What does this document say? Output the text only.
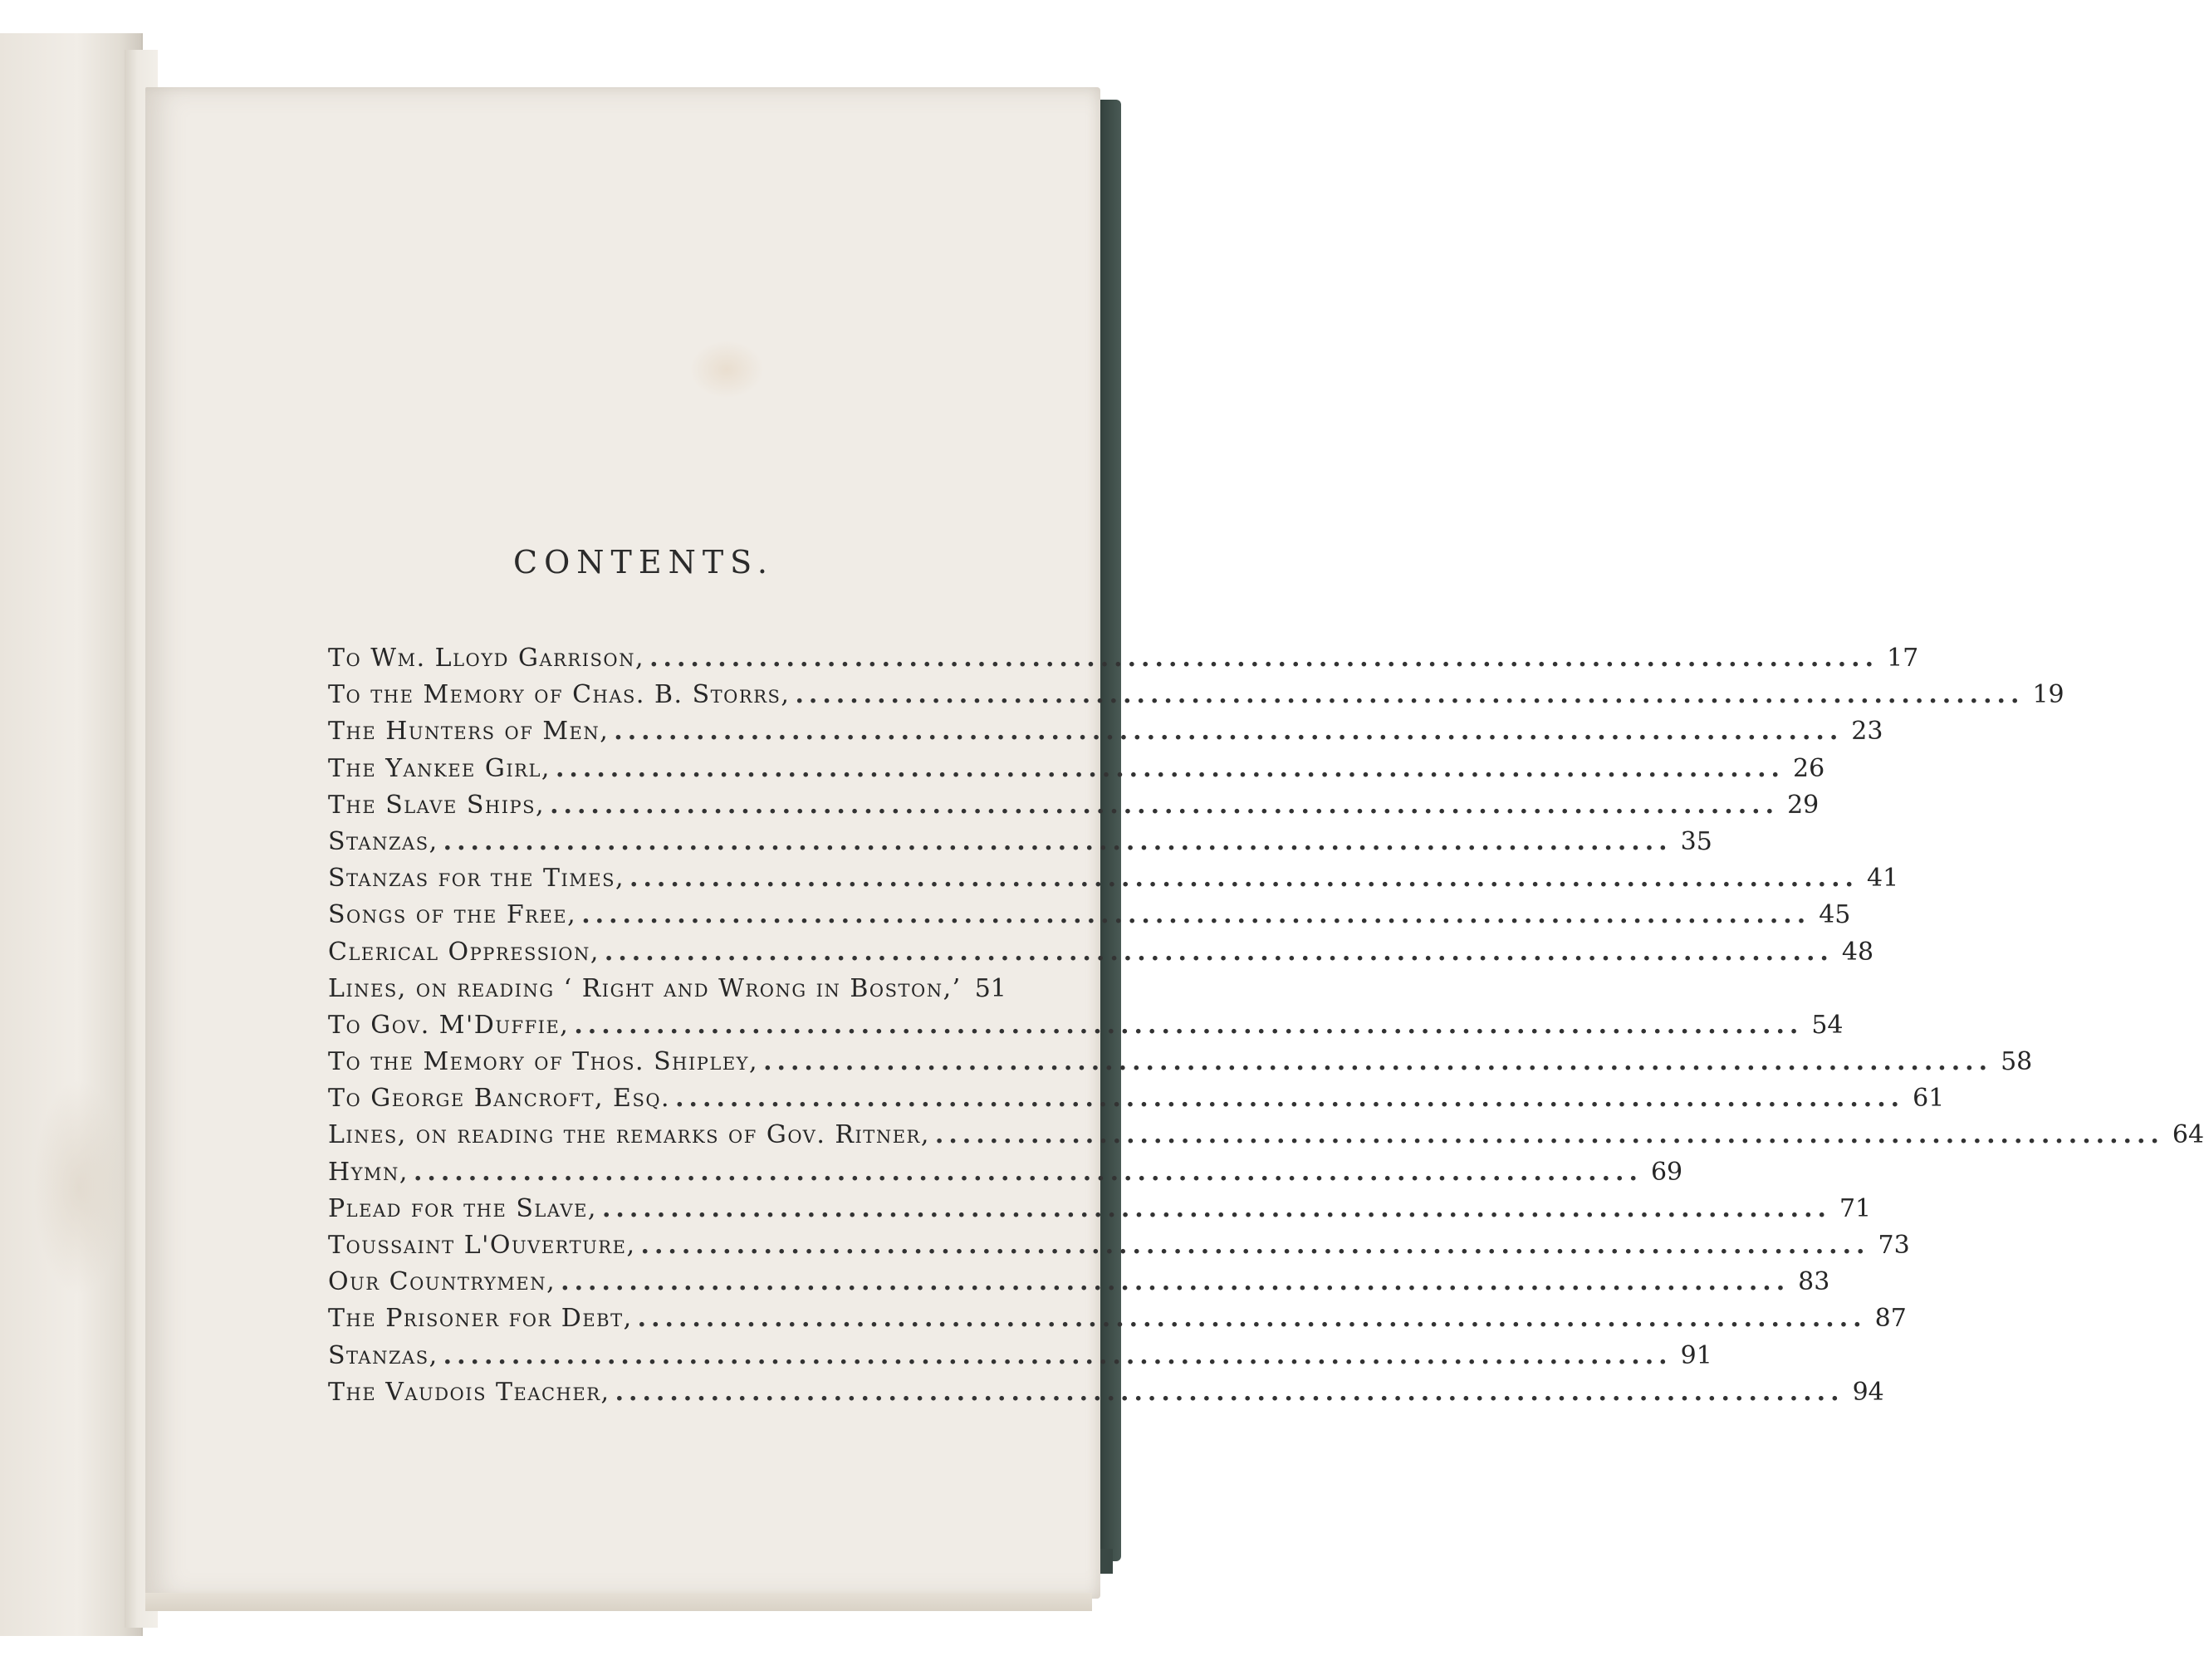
CONTENTS.
To Wm. Lloyd Garrison, .......................................................................................... 17
To the Memory of Chas. B. Storrs, .......................................................................................... 19
The Hunters of Men, .......................................................................................... 23
The Yankee Girl, .......................................................................................... 26
The Slave Ships, .......................................................................................... 29
Stanzas, .......................................................................................... 35
Stanzas for the Times, .......................................................................................... 41
Songs of the Free, .......................................................................................... 45
Clerical Oppression, .......................................................................................... 48
Lines, on reading ‘ Right and Wrong in Boston,’ 51
To Gov. M'Duffie, .......................................................................................... 54
To the Memory of Thos. Shipley, .......................................................................................... 58
To George Bancroft, Esq. .......................................................................................... 61
Lines, on reading the remarks of Gov. Ritner, .......................................................................................... 64
Hymn, .......................................................................................... 69
Plead for the Slave, .......................................................................................... 71
Toussaint L'Ouverture, .......................................................................................... 73
Our Countrymen, .......................................................................................... 83
The Prisoner for Debt, .......................................................................................... 87
Stanzas, .......................................................................................... 91
The Vaudois Teacher, .......................................................................................... 94
